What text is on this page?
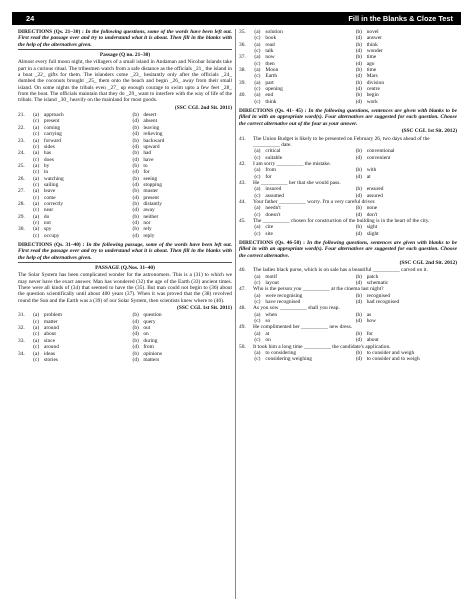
24	Fill in the Blanks & Cloze Test

DIRECTIONS (Qs. 21–30) : In the following questions, some of the words have been left out. First read the passage over and try to understand what it is about. Then fill in the blanks with the help of the alternatives given.

Passage (Q no. 21–30)

Almost every full moon night, the villagers of a small island in Andaman and Nicobar Islands take part in a curious ritual. The tribesmen watch from a safe distance as the officials _21_ the island in a boat _22_ gifts for them. The islanders come _23_ hesitantly only after the officials _24_ dumbed the coconuts brought _25_ them onto the beach and begin _26_ away from their small island. On some nights the tribals even _27_ up enough courage to swim upto a few feet _28_ from the boat. The officials maintain that they do _29_ want to interfere with the way of life of the tribals. The island _30_ heavily on the mainland for most goods.

(SSC CGL 2nd Sit. 2011)

21.	(a)	approach	(b)	desert
	(c)	present	(d)	absent
22.	(a)	coming	(b)	leaving
	(c)	carrying	(d)	relieving
23.	(a)	forward	(b)	backward
	(c)	sides	(d)	upward
24.	(a)	has	(b)	had
	(c)	does	(d)	have
25.	(a)	by	(b)	to
	(c)	in	(d)	for
26.	(a)	watching	(b)	seeing
	(c)	sailing	(d)	stopping
27.	(a)	leave	(b)	muster
	(c)	come	(d)	present
28.	(a)	correctly	(b)	distantly
	(c)	near	(d)	away
29.	(a)	do	(b)	neither
	(c)	not	(d)	nor
30.	(a)	spy	(b)	rely
	(c)	occupy	(d)	reply

DIRECTIONS (Qs. 31–40) : In the following passage, some of the words have been left out. First read the passage over and try to understand what it is about. Then fill in the blanks with the help of the alternatives given.

PASSAGE (Q.Nos. 31–40)

The Solar System has been complicated wonder for the astronomers. This is a (31) to which we may never have the exact answer. Man has wondered (32) the age of the Earth (33) ancient times. There were all kinds of (34) that seemed to have the (35). But man could not begin to (36) about the question scientifically until about 400 years (37). When it was proved that the (38) revolved round the Sun and the Earth was a (39) of our Solar System, then scientists knew where to (40).

(SSC CGL 1st Sit. 2011)

31.	(a)	problem	(b)	question
	(c)	matter	(d)	query
32.	(a)	around	(b)	out
	(c)	about	(d)	on
33.	(a)	since	(b)	during
	(c)	around	(d)	from
34.	(a)	ideas	(b)	opinions
	(c)	stories	(d)	matters
35.	(a)	solution	(b)	novel
	(c)	book	(d)	answer
36.	(a)	read	(b)	think
	(c)	talk	(d)	wonder
37.	(a)	now	(b)	time
	(c)	then	(d)	ago
38.	(a)	Moon	(b)	time
	(c)	Earth	(d)	Mars
39.	(a)	part	(b)	division
	(c)	opening	(d)	centre
40.	(a)	end	(b)	begin
	(c)	think	(d)	work

DIRECTIONS (Qs. 41- 45) : In the following questions, sentences are given with blanks to be filled in with an appropriate word(s). Four alternatives are suggested for each question. Choose the correct alternative out of the four as your answer.

(SSC CGL 1st Sit. 2012)

41.	The Union Budget is likely to be presented on February 26, two days ahead of the __________ date.
	(a)	critical	(b)	conventional
	(c)	suitable	(d)	convenient
42.	I am sorry __________ the mistake.
	(a)	from	(b)	with
	(c)	for	(d)	at
43.	He __________ her that she would pass.
	(a)	insured	(b)	ensured
	(c)	assumed	(d)	assured
44.	Your father __________ worry. I'm a very careful driver.
	(a)	needn't	(b)	none
	(c)	doesn't	(d)	don't
45.	The __________ chosen for construction of the building is in the heart of the city.
	(a)	cite	(b)	sight
	(c)	site	(d)	slight

DIRECTIONS (Qs. 46-50) : In the following questions, sentences are given with blanks to be filled in with an appropriate word(s). Four alternatives are suggested for each question. Choose the correct alternative.

(SSC CGL 2nd Sit. 2012)

46.	The ladies black purse, which is on sale has a beautiful __________ carved on it.
	(a)	motif	(b)	patch
	(c)	layout	(d)	schematic
47.	Who is the person you __________ at the cinema last night?
	(a)	were recognising	(b)	recognised
	(c)	have recognised	(d)	had recognised
48.	As you sow __________ shall you reap.
	(a)	when	(b)	as
	(c)	so	(d)	how
49.	He complimented her __________ new dress.
	(a)	at	(b)	for
	(c)	on	(d)	about
50.	It took him a long time __________ the candidate's application.
	(a)	to considering	(b)	to consider and weigh
	(c)	considering weighing	(d)	to consider and to weigh
